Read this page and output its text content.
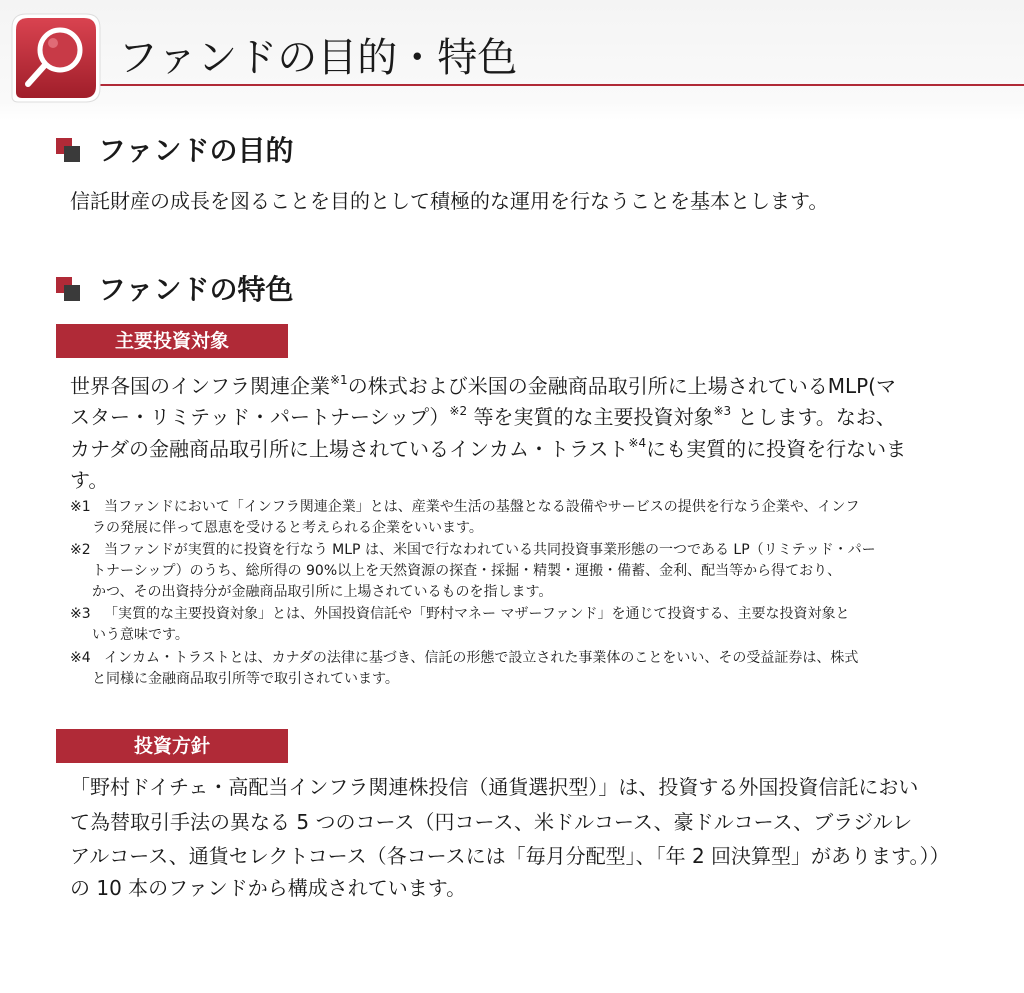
ファンドの目的・特色
ファンドの目的

信託財産の成長を図ることを目的として積極的な運用を行なうことを基本とします。

ファンドの特色
主要投資対象
世界各国のインフラ関連企業$^{※1}$の株式および米国の金融商品取引所に上場されているMLP(マ
スター・リミテッド・パートナーシップ）$^{※2}$ 等を実質的な主要投資対象$^{※3}$ とします。なお、
カナダの金融商品取引所に上場されているインカム・トラスト$^{※4}$にも実質的に投資を行ないま
す。
※1 当ファンドにおいて「インフラ関連企業」とは、産業や生活の基盤となる設備やサービスの提供を行なう企業や、インフ
ラの発展に伴って恩恵を受けると考えられる企業をいいます。
※2 当ファンドが実質的に投資を行なう MLP は、米国で行なわれている共同投資事業形態の一つである LP（リミテッド・パー
トナーシップ）のうち、総所得の 90%以上を天然資源の探査・採掘・精製・運搬・備蓄、金利、配当等から得ており、
かつ、その出資持分が金融商品取引所に上場されているものを指します。
※3 「実質的な主要投資対象」とは、外国投資信託や「野村マネー マザーファンド」を通じて投資する、主要な投資対象と
いう意味です。
※4 インカム・トラストとは、カナダの法律に基づき、信託の形態で設立された事業体のことをいい、その受益証券は、株式
と同様に金融商品取引所等で取引されています。
投資方針
「野村ドイチェ・高配当インフラ関連株投信（通貨選択型）」は、投資する外国投資信託におい
て為替取引手法の異なる 5 つのコース（円コース、米ドルコース、豪ドルコース、ブラジルレ
アルコース、通貨セレクトコース（各コースには「毎月分配型」、「年 2 回決算型」があります。））
の 10 本のファンドから構成されています。
